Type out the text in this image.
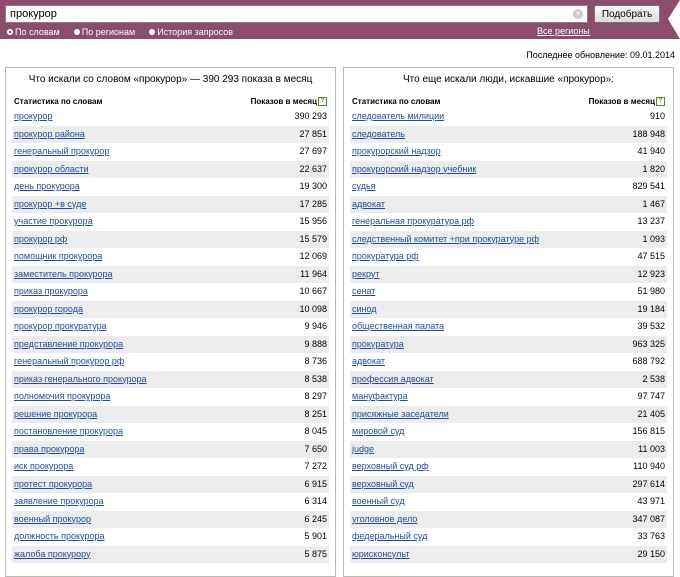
прокурор
×	Подобрать
По словам По регионам История запросов	Все регионы
Последнее обновление: 09.01.2014
Что искали со словом «прокурор» — 390 293 показа в месяц
Статистика по словам	Показов в месяц ?
прокурор	390 293
прокурор района	27 851
генеральный прокурор	27 697
прокурор области	22 637
день прокурора	19 300
прокурор +в суде	17 285
участие прокурора	15 956
прокурор рф	15 579
помощник прокурора	12 069
заместитель прокурора	11 964
приказ прокурора	10 667
прокурор города	10 098
прокурор прокуратура	9 946
представление прокурора	9 888
генеральный прокурор рф	8 736
приказ генерального прокурора	8 538
полномочия прокурора	8 297
решение прокурора	8 251
постановление прокурора	8 045
права прокурора	7 650
иск прокурора	7 272
протест прокурора	6 915
заявление прокурора	6 314
военный прокурор	6 245
должность прокурора	5 901
жалоба прокурору	5 875
Что еще искали люди, искавшие «прокурор»:
Статистика по словам	Показов в месяц ?
следователь милиции	910
следователь	188 948
прокурорский надзор	41 940
прокурорский надзор учебник	1 820
судья	829 541
адвокат	1 467
генеральная прокуратура рф	13 237
следственный комитет +при прокуратуре рф	1 093
прокуратура рф	47 515
рекрут	12 923
сенат	51 980
синод	19 184
общественная палата	39 532
прокуратура	963 325
адвокат	688 792
профессия адвокат	2 538
мануфактура	97 747
присяжные заседатели	21 405
мировой суд	156 815
judge	11 003
верховный суд рф	110 940
верховный суд	297 614
военный суд	43 971
уголовное дело	347 087
федеральный суд	33 763
юрисконсульт	29 150
